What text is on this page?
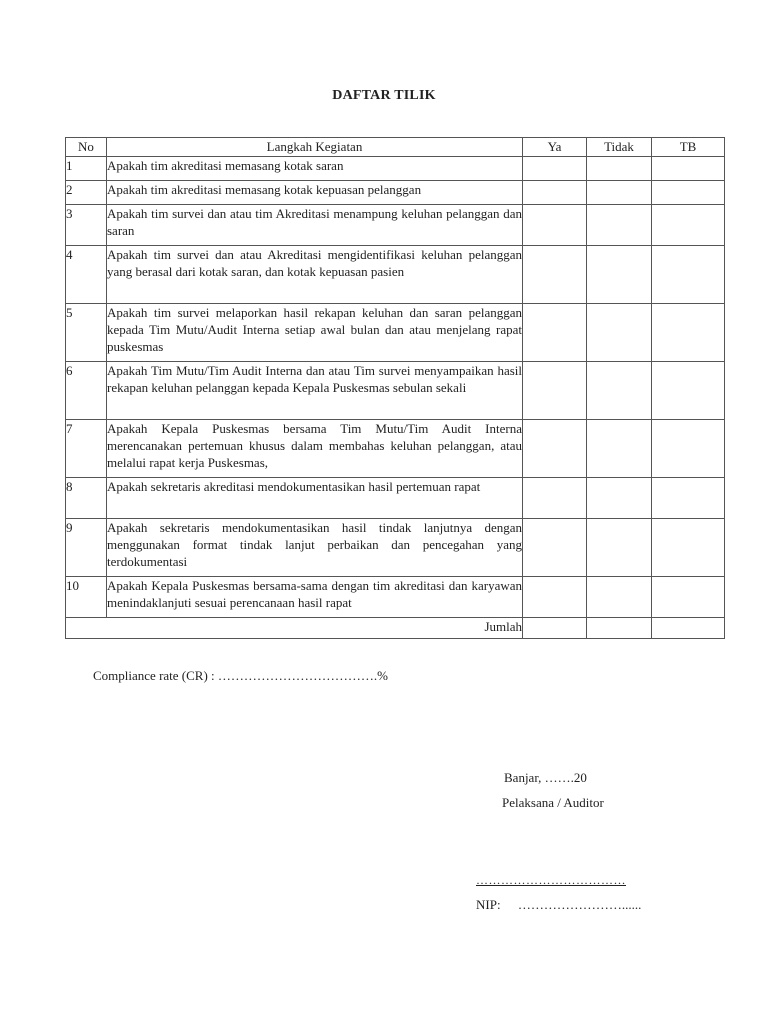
DAFTAR TILIK
No	Langkah Kegiatan	Ya	Tidak	TB
1	Apakah tim akreditasi memasang kotak saran			
2	Apakah tim akreditasi memasang kotak kepuasan pelanggan			
3	Apakah tim survei dan atau tim Akreditasi menampung keluhan pelanggan dan saran			
4	Apakah tim survei dan atau Akreditasi mengidentifikasi keluhan pelanggan yang berasal dari kotak saran, dan kotak kepuasan pasien			
5	Apakah tim survei melaporkan hasil rekapan keluhan dan saran pelanggan kepada Tim Mutu/Audit Interna setiap awal bulan dan atau menjelang rapat puskesmas			
6	Apakah Tim Mutu/Tim Audit Interna dan atau Tim survei menyampaikan hasil rekapan keluhan pelanggan kepada Kepala Puskesmas sebulan sekali			
7	Apakah Kepala Puskesmas bersama Tim Mutu/Tim Audit Interna merencanakan pertemuan khusus dalam membahas keluhan pelanggan, atau melalui rapat kerja Puskesmas,			
8	Apakah sekretaris akreditasi mendokumentasikan hasil pertemuan rapat			
9	Apakah sekretaris mendokumentasikan hasil tindak lanjutnya dengan menggunakan format tindak lanjut perbaikan dan pencegahan yang terdokumentasi			
10	Apakah Kepala Puskesmas bersama-sama dengan tim akreditasi dan karyawan menindaklanjuti sesuai perencanaan hasil rapat			
Jumlah				
Compliance rate (CR) : ……………………………….%
Banjar, …….20
Pelaksana / Auditor
………………………………
NIP: ……………………......
